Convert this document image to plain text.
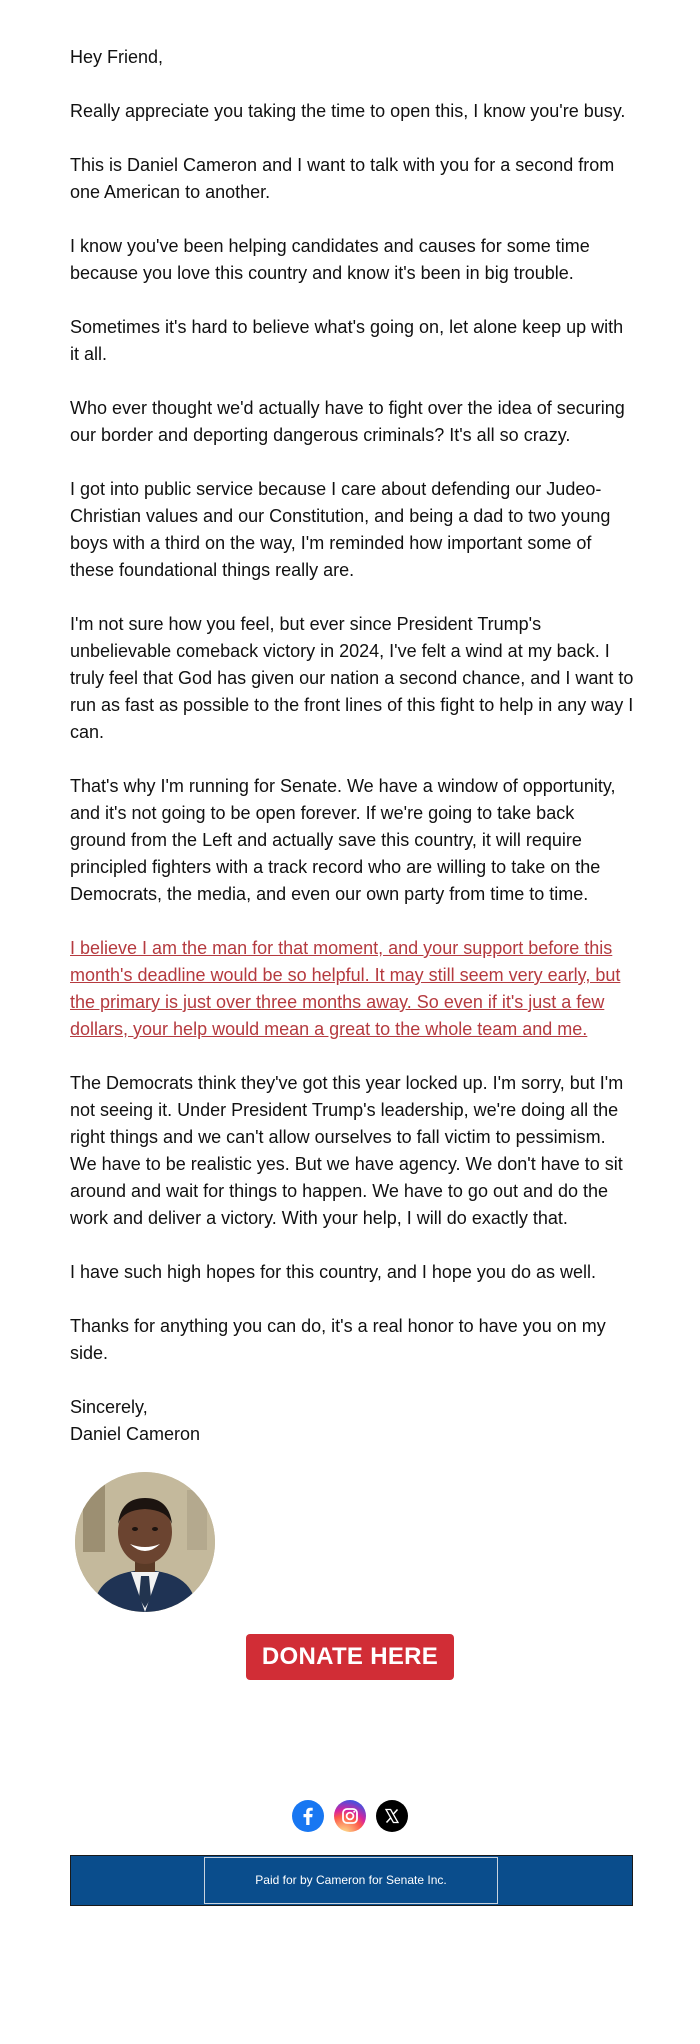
Hey Friend,

Really appreciate you taking the time to open this, I know you're busy.

This is Daniel Cameron and I want to talk with you for a second from one American to another.

I know you've been helping candidates and causes for some time because you love this country and know it's been in big trouble.

Sometimes it's hard to believe what's going on, let alone keep up with it all.

Who ever thought we'd actually have to fight over the idea of securing our border and deporting dangerous criminals? It's all so crazy.

I got into public service because I care about defending our Judeo-Christian values and our Constitution, and being a dad to two young boys with a third on the way, I'm reminded how important some of these foundational things really are.

I'm not sure how you feel, but ever since President Trump's unbelievable comeback victory in 2024, I've felt a wind at my back. I truly feel that God has given our nation a second chance, and I want to run as fast as possible to the front lines of this fight to help in any way I can.

That's why I'm running for Senate. We have a window of opportunity, and it's not going to be open forever. If we're going to take back ground from the Left and actually save this country, it will require principled fighters with a track record who are willing to take on the Democrats, the media, and even our own party from time to time.

I believe I am the man for that moment, and your support before this month's deadline would be so helpful. It may still seem very early, but the primary is just over three months away. So even if it's just a few dollars, your help would mean a great to the whole team and me.

The Democrats think they've got this year locked up. I'm sorry, but I'm not seeing it. Under President Trump's leadership, we're doing all the right things and we can't allow ourselves to fall victim to pessimism. We have to be realistic yes. But we have agency. We don't have to sit around and wait for things to happen. We have to go out and do the work and deliver a victory. With your help, I will do exactly that.

I have such high hopes for this country, and I hope you do as well.

Thanks for anything you can do, it's a real honor to have you on my side.

Sincerely,

Daniel Cameron

DONATE HERE

Paid for by Cameron for Senate Inc.
